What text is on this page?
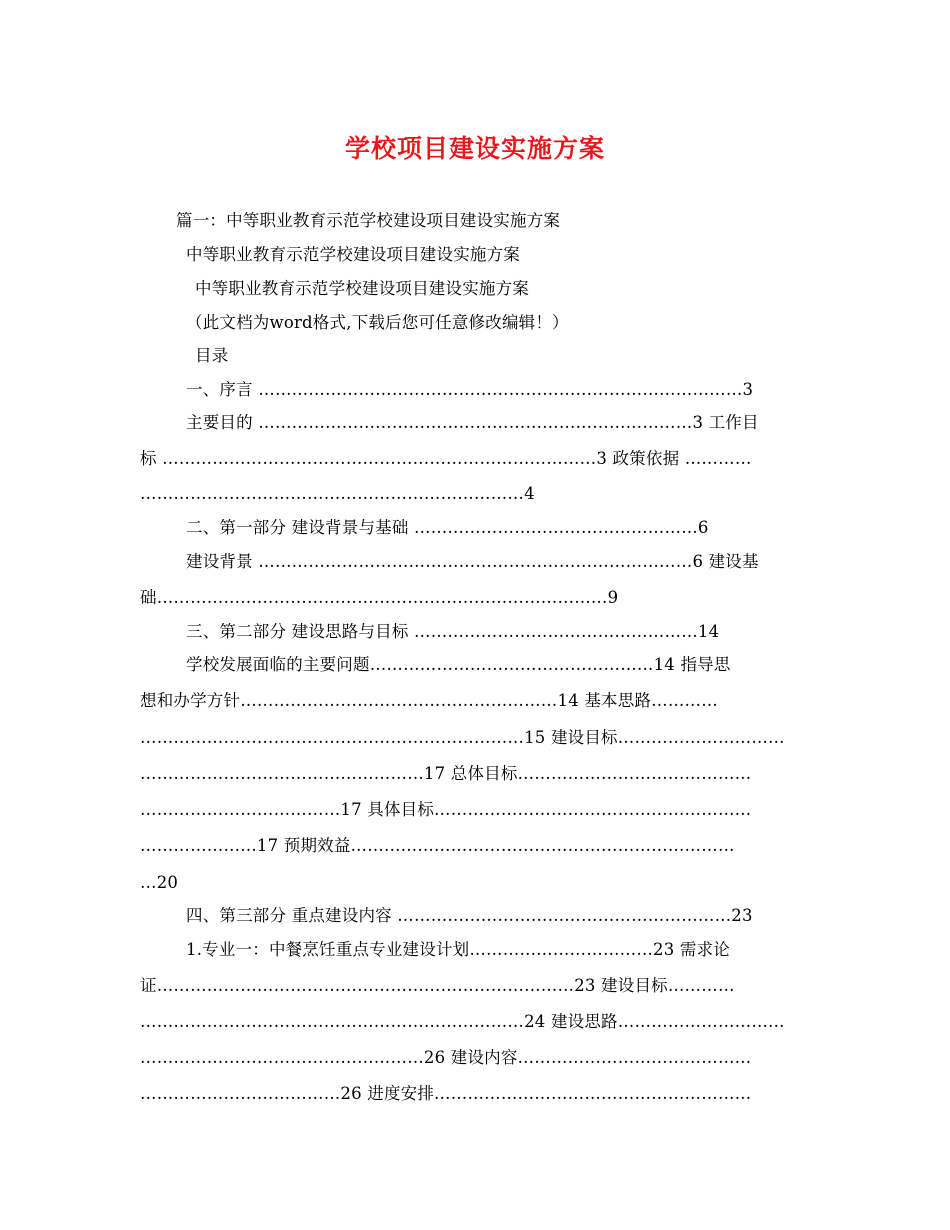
学校项目建设实施方案
篇一：中等职业教育示范学校建设项目建设实施方案
中等职业教育示范学校建设项目建设实施方案
中等职业教育示范学校建设项目建设实施方案
（此文档为word格式,下载后您可任意修改编辑！）
目录
一、序言 ……………………………………………………………………………3
主要目的 ……………………………………………………………………3 工作目
标 ……………………………………………………………………3 政策依据 …………
……………………………………………………………4
二、第一部分 建设背景与基础 ……………………………………………6
建设背景 ……………………………………………………………………6 建设基
础………………………………………………………………………9
三、第二部分 建设思路与目标 ……………………………………………14
学校发展面临的主要问题……………………………………………14 指导思
想和办学方针…………………………………………………14 基本思路…………
……………………………………………………………15 建设目标…………………………
……………………………………………17 总体目标……………………………………
………………………………17 具体目标…………………………………………………
…………………17 预期效益……………………………………………………………
…20
四、第三部分 重点建设内容 ……………………………………………………23
1.专业一：中餐烹饪重点专业建设计划……………………………23 需求论
证…………………………………………………………………23 建设目标…………
……………………………………………………………24 建设思路…………………………
……………………………………………26 建设内容……………………………………
………………………………26 进度安排…………………………………………………
